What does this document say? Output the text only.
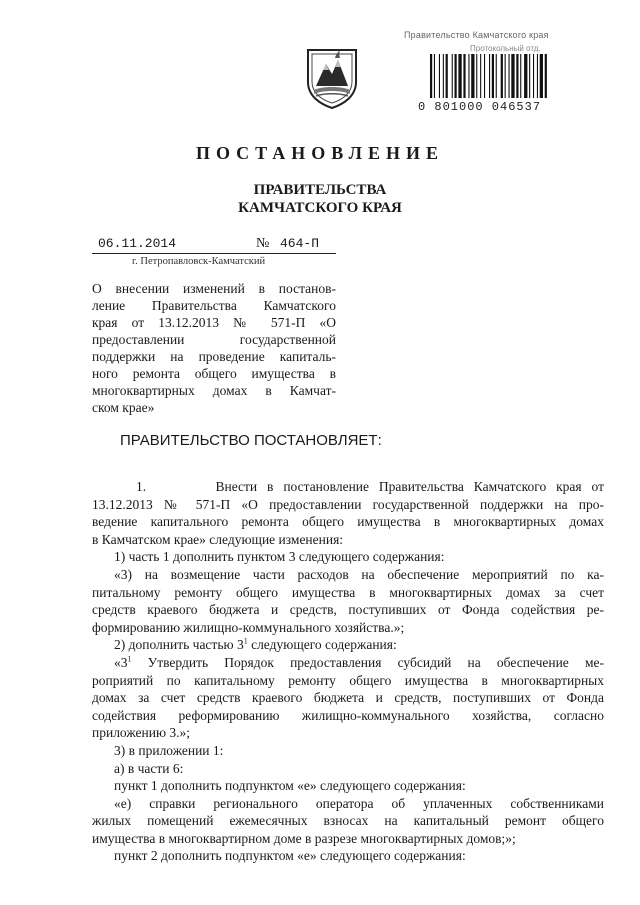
Правительство Камчатского края
Протокольный отд.
0 801000 046537
ПОСТАНОВЛЕНИЕ
ПРАВИТЕЛЬСТВА
КАМЧАТСКОГО КРАЯ
06.11.2014	№ 464-П
г. Петропавловск-Камчатский
О внесении изменений в постанов-
ление Правительства Камчатского
края от 13.12.2013 № 571-П «О
предоставлении государственной
поддержки на проведение капиталь-
ного ремонта общего имущества в
многоквартирных домах в Камчат-
ском крае»
ПРАВИТЕЛЬСТВО ПОСТАНОВЛЯЕТ:
1.	Внести в постановление Правительства Камчатского края от
13.12.2013 № 571-П «О предоставлении государственной поддержки на про-
ведение капитального ремонта общего имущества в многоквартирных домах
в Камчатском крае» следующие изменения:
1) часть 1 дополнить пунктом 3 следующего содержания:
«3) на возмещение части расходов на обеспечение мероприятий по ка-
питальному ремонту общего имущества в многоквартирных домах за счет
средств краевого бюджета и средств, поступивших от Фонда содействия ре-
формированию жилищно-коммунального хозяйства.»;
2) дополнить частью $3^1$ следующего содержания:
«$3^1$ Утвердить Порядок предоставления субсидий на обеспечение ме-
роприятий по капитальному ремонту общего имущества в многоквартирных
домах за счет средств краевого бюджета и средств, поступивших от Фонда
содействия реформированию жилищно-коммунального хозяйства, согласно
приложению 3.»;
3) в приложении 1:
а) в части 6:
пункт 1 дополнить подпунктом «е» следующего содержания:
«е) справки регионального оператора об уплаченных собственниками
жилых помещений ежемесячных взносах на капитальный ремонт общего
имущества в многоквартирном доме в разрезе многоквартирных домов;»;
пункт 2 дополнить подпунктом «е» следующего содержания:
